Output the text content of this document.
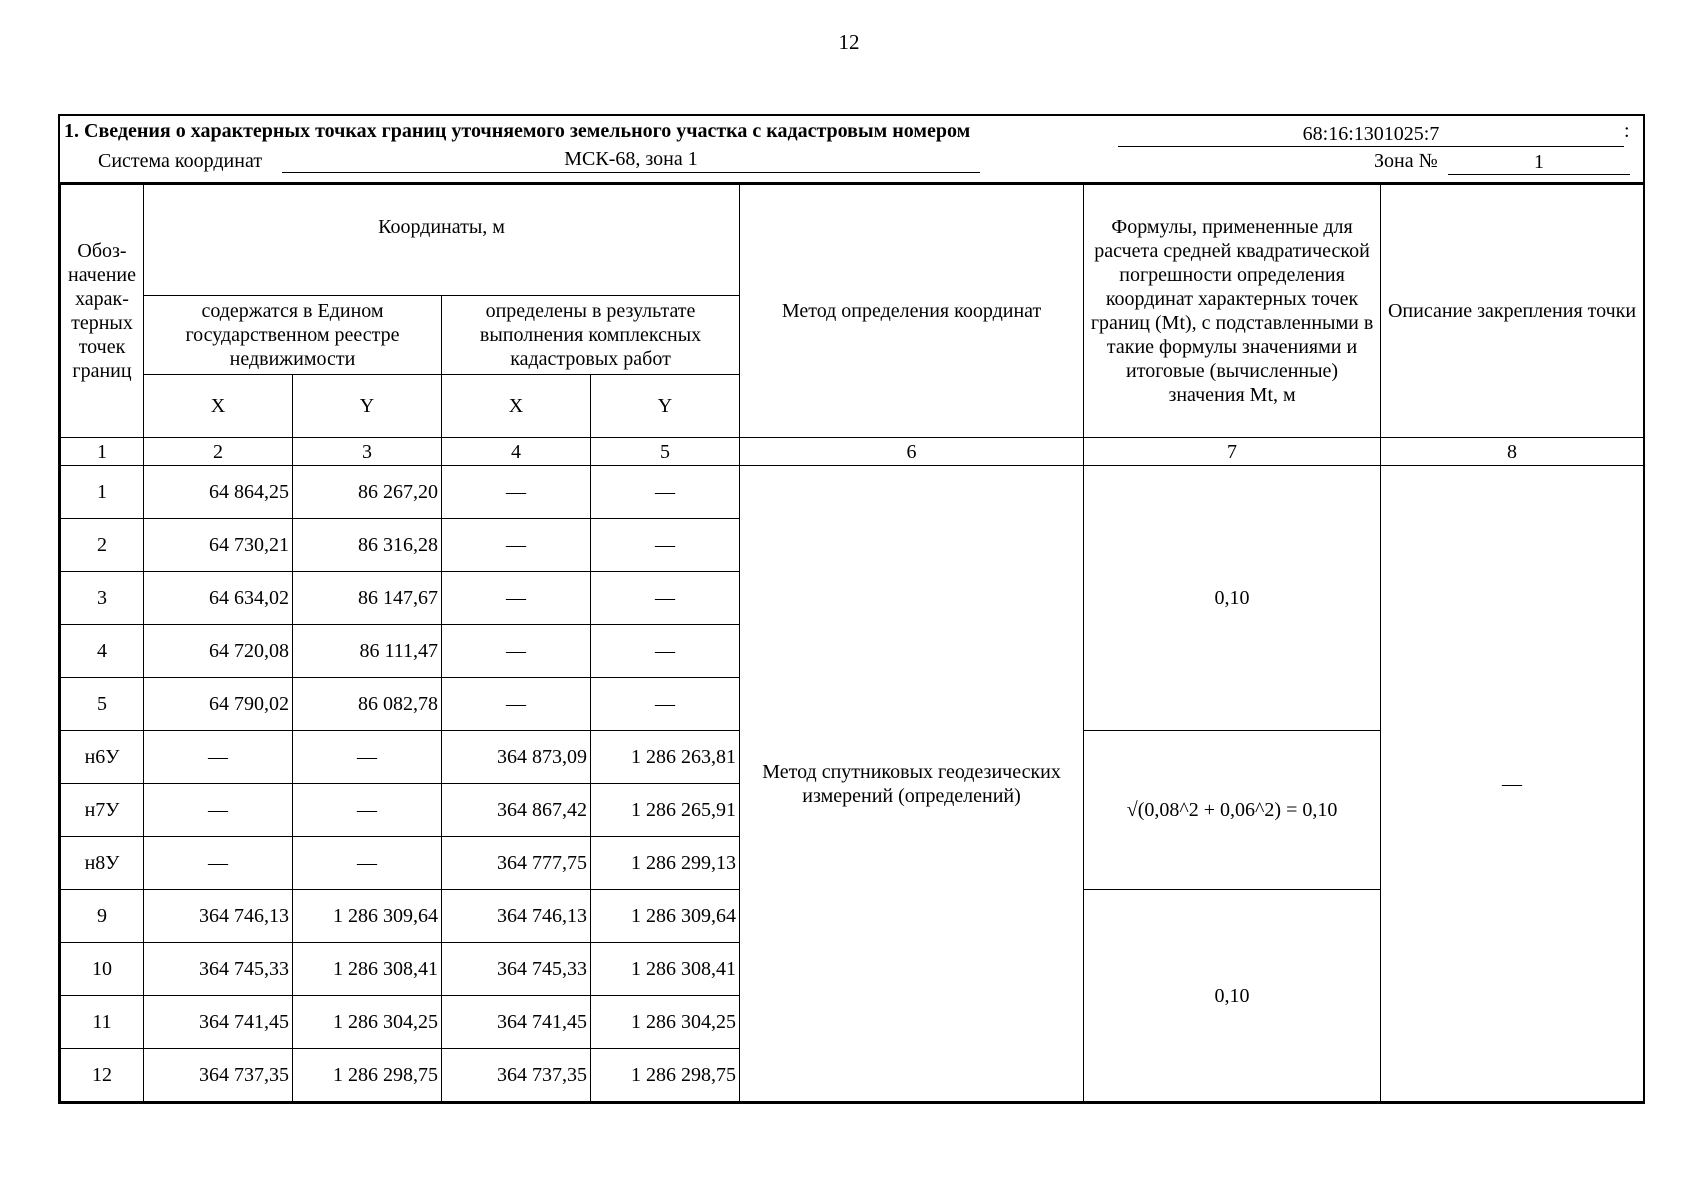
12
1. Сведения о характерных точках границ уточняемого земельного участка с кадастровым номером	68:16:1301025:7	:
Система координат	МСК-68, зона 1	Зона №	1
Обоз-начение харак-терных точек границ	Координаты, м				Метод определения координат	Формулы, примененные для расчета средней квадратической погрешности определения координат характерных точек границ (Mt), с подставленными в такие формулы значениями и итоговые (вычисленные) значения Mt, м	Описание закрепления точки
	содержатся в Едином государственном реестре недвижимости		определены в результате выполнения комплексных кадастровых работ				
	X	Y	X	Y			
1	2	3	4	5	6	7	8
1	64 864,25	86 267,20	—	—	Метод спутниковых геодезических измерений (определений)	0,10	—
2	64 730,21	86 316,28	—	—			
3	64 634,02	86 147,67	—	—			
4	64 720,08	86 111,47	—	—			
5	64 790,02	86 082,78	—	—			
н6У	—	—	364 873,09	1 286 263,81		√(0,08^2 + 0,06^2) = 0,10	
н7У	—	—	364 867,42	1 286 265,91			
н8У	—	—	364 777,75	1 286 299,13			
9	364 746,13	1 286 309,64	364 746,13	1 286 309,64		0,10	
10	364 745,33	1 286 308,41	364 745,33	1 286 308,41			
11	364 741,45	1 286 304,25	364 741,45	1 286 304,25			
12	364 737,35	1 286 298,75	364 737,35	1 286 298,75			
